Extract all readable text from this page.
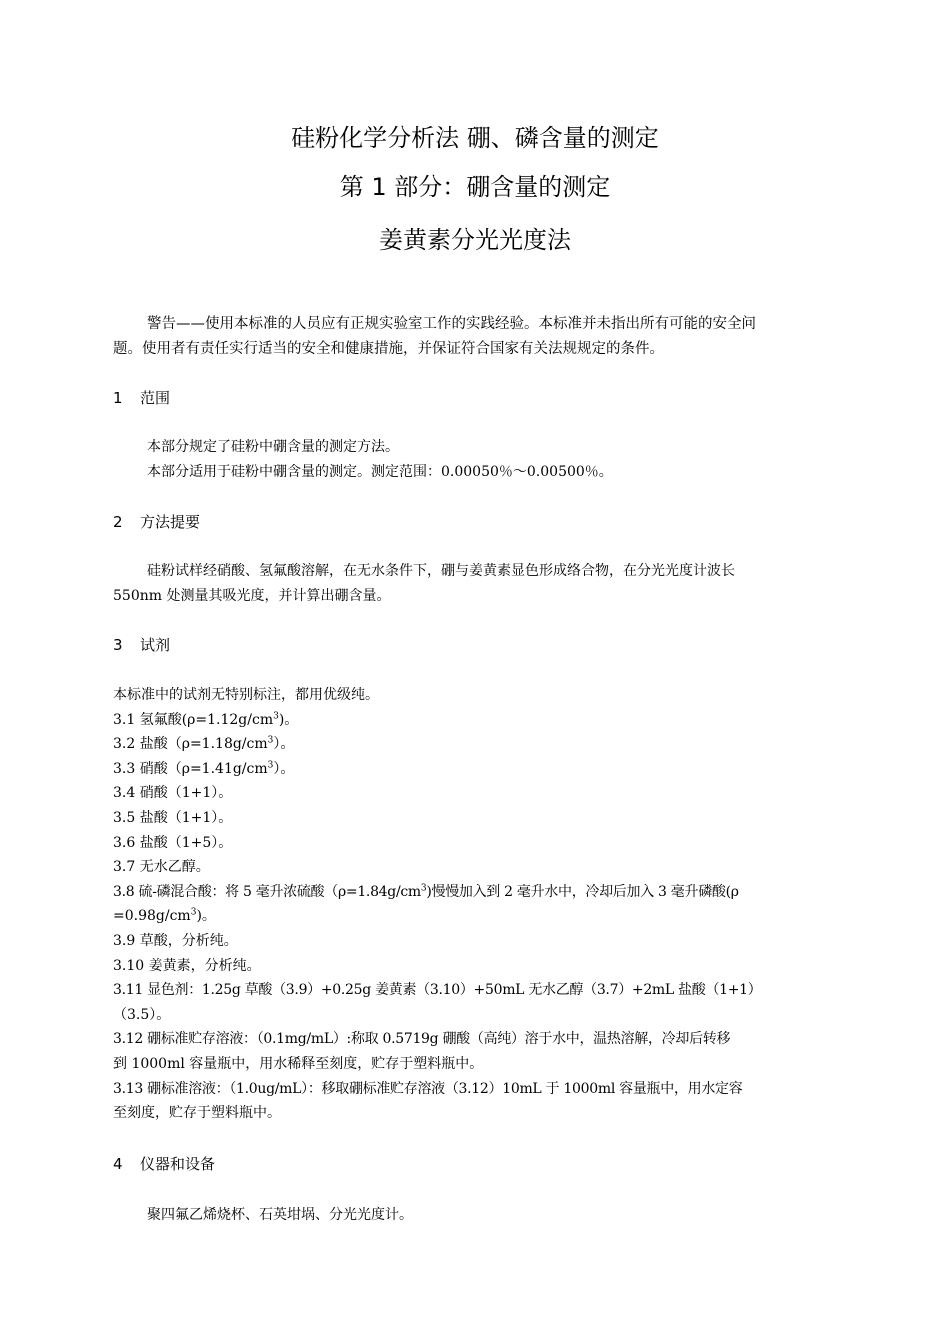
硅粉化学分析法 硼、磷含量的测定
第 1 部分：硼含量的测定
姜黄素分光光度法
警告——使用本标准的人员应有正规实验室工作的实践经验。本标准并未指出所有可能的安全问
题。使用者有责任实行适当的安全和健康措施，并保证符合国家有关法规规定的条件。
1 范围
本部分规定了硅粉中硼含量的测定方法。
本部分适用于硅粉中硼含量的测定。测定范围：0.00050％～0.00500％。
2 方法提要
硅粉试样经硝酸、氢氟酸溶解，在无水条件下，硼与姜黄素显色形成络合物，在分光光度计波长
550nm 处测量其吸光度，并计算出硼含量。
3 试剂
本标准中的试剂无特别标注，都用优级纯。
3.1 氢氟酸$(\rho=1.12g/cm^3)$。
3.2 盐酸$(\rho=1.18g/cm^3)$。
3.3 硝酸$(\rho=1.41g/cm^3)$。
3.4 硝酸（1+1）。
3.5 盐酸（1+1）。
3.6 盐酸（1+5）。
3.7 无水乙醇。
3.8 硫-磷混合酸：将 5 毫升浓硫酸$(\rho=1.84g/cm^3)$慢慢加入到 2 毫升水中，冷却后加入 3 毫升磷酸(ρ
$=0.98g/cm^3$)。
3.9 草酸，分析纯。
3.10 姜黄素，分析纯。
3.11 显色剂：1.25g 草酸（3.9）+0.25g 姜黄素（3.10）+50mL 无水乙醇（3.7）+2mL 盐酸（1+1）
（3.5）。
3.12 硼标准贮存溶液：（0.1mg/mL）:称取 0.5719g 硼酸（高纯）溶于水中，温热溶解，冷却后转移
到 1000ml 容量瓶中，用水稀释至刻度，贮存于塑料瓶中。
3.13 硼标准溶液：（1.0ug/mL）：移取硼标准贮存溶液（3.12）10mL 于 1000ml 容量瓶中，用水定容
至刻度，贮存于塑料瓶中。
4 仪器和设备
聚四氟乙烯烧杯、石英坩埚、分光光度计。
